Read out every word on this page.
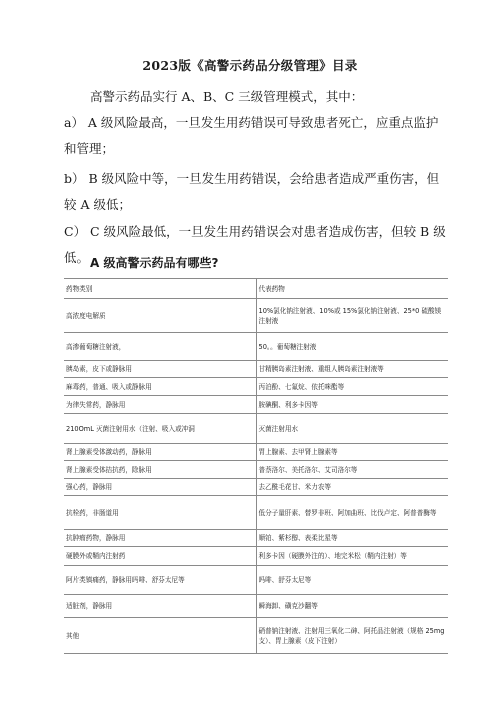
2023版《高警示药品分级管理》目录
高警示药品实行 A、B、C 三级管理模式，其中：
a） A 级风险最高，一旦发生用药错误可导致患者死亡，应重点监护和管理；
b） B 级风险中等，一旦发生用药错误，会给患者造成严重伤害，但较 A 级低；
C） C 级风险最低，一旦发生用药错误会对患者造成伤害，但较 B 级低。 A 级高警示药品有哪些?
药物类别	代表药物
高浓度电解质	10%氯化钠注射液、10%或 15%氯化钠注射液、25*0 硫酸镁注射液
高渗葡萄糖注射液，	50。。葡萄糖注射液
胰岛素，皮下或静脉用	甘精胰岛素注射液、重组人胰岛素注射液等
麻毒药，普通、吸入或静脉用	丙泊酚、七氟烷、依托咪酯等
为律失常药，静脉用	胺碘酮、利多卡因等
210OmL 灭菌注射用水（注射、吸入或冲洞	灭菌注射用水
肾上腺素受体激动药，静脉用	胃上腺素、去甲肾上腺素等
肾上腺素受体拮抗药，除脉用	普萘洛尔、美托洛尔、艾司洛尔等
强心药，静脉用	去乙酰毛花甘、米力农等
抗栓药，非肠道用	低分子量肝素、替罗非班、阿加曲班、比伐卢定、阿普普酶等
抗肿瘤药物，静脉用	顺铂、紫杉醇、表柔比星等
硬膜外或鞘内注射药	利多卡因（硬膜外注的）、地完米松（鞘内注射）等
阿片类镇痛药，静脉用吗啡、舒芬太尼等	吗啡、舒芬太尼等
适脏剂，静脉用	瞬海卸、磺克沙翻等
其他	硝普钠注射液、注射用三氧化二砷、阿托品注射液（规格 25mg 支）、胃上腺素（皮下注射）
